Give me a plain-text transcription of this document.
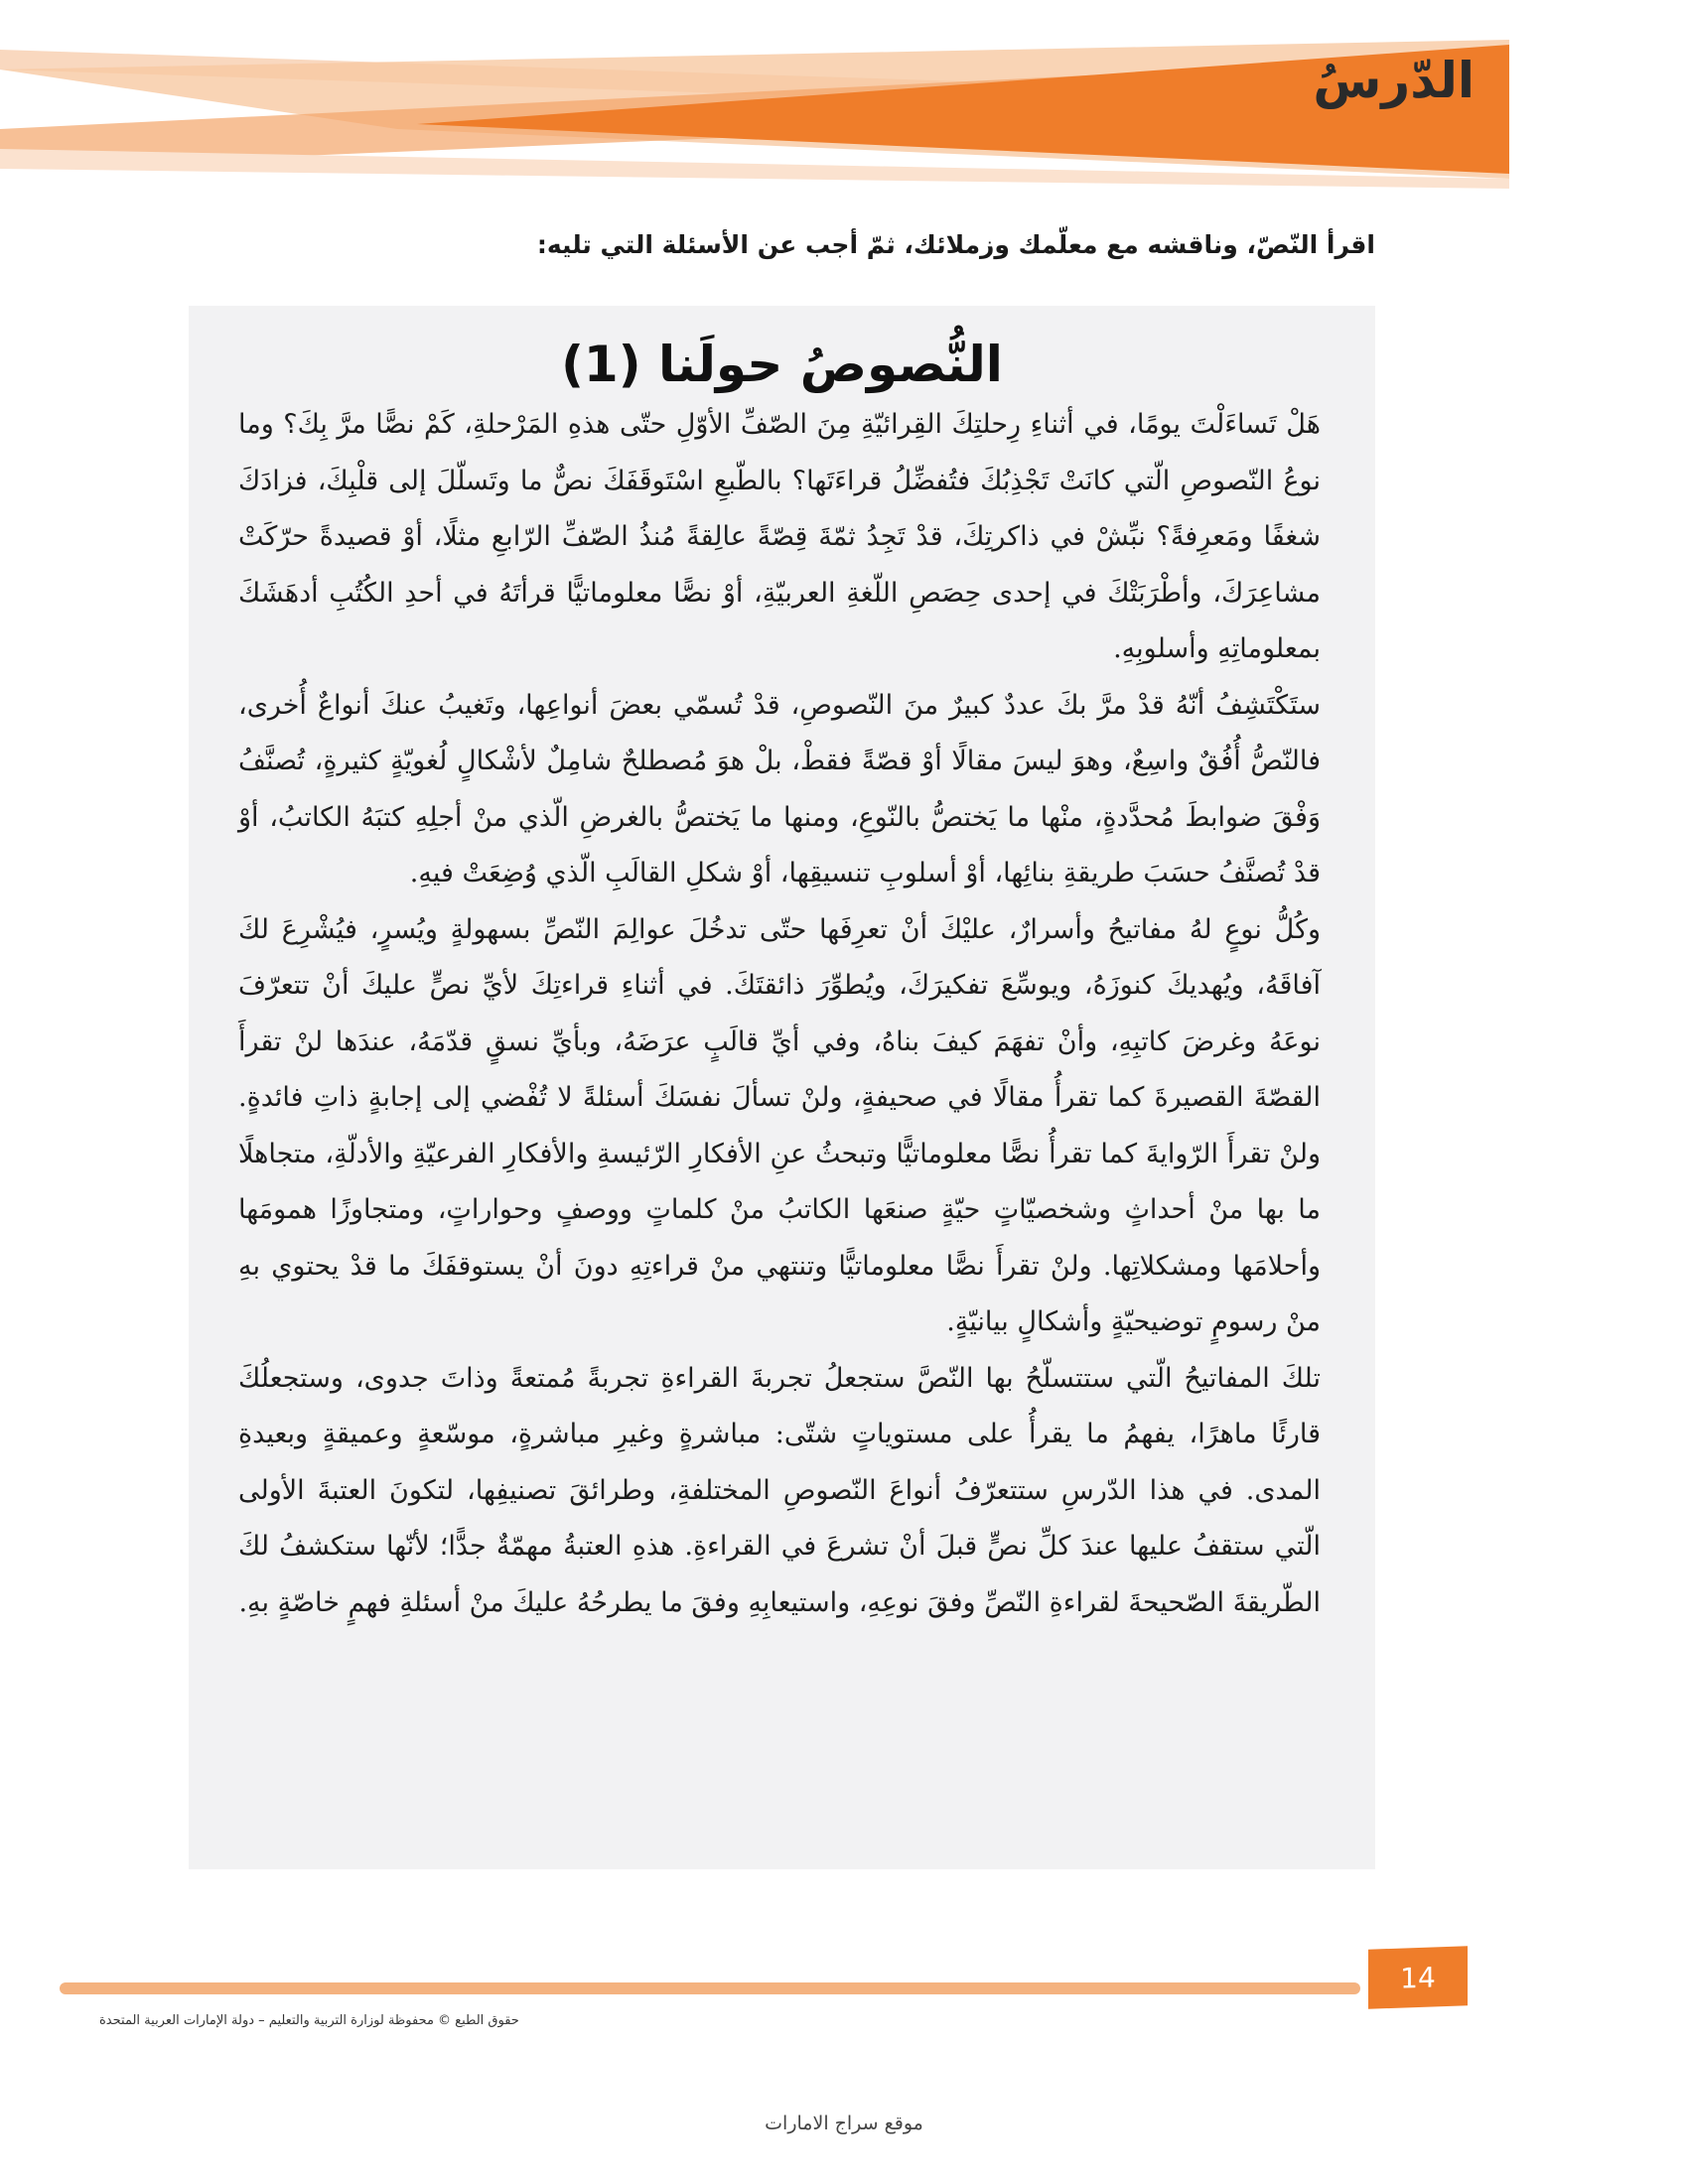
الدّرسُ
اقرأ النّصّ، وناقشه مع معلّمك وزملائك، ثمّ أجب عن الأسئلة التي تليه:
النُّصوصُ حولَنا (1)

هَلْ تَساءَلْتَ يومًا، في أثناءِ رِحلتِكَ القِرائيّةِ مِنَ الصّفِّ الأوّلِ حتّى هذهِ المَرْحلةِ، كَمْ نصًّا مرَّ بِكَ؟ وما نوعُ النّصوصِ الّتي كانَتْ تَجْذِبُكَ فتُفضِّلُ قراءَتَها؟ بالطّبعِ اسْتَوقَفَكَ نصٌّ ما وتَسلّلَ إلى قلْبِكَ، فزادَكَ شغفًا ومَعرِفةً؟ نبِّشْ في ذاكرتِكَ، قدْ تَجِدُ ثمّةَ قِصّةً عالِقةً مُنذُ الصّفِّ الرّابعِ مثلًا، أوْ قصيدةً حرّكَتْ مشاعِرَكَ، وأطْرَبَتْكَ في إحدى حِصَصِ اللّغةِ العربيّةِ، أوْ نصًّا معلوماتيًّا قرأتَهُ في أحدِ الكُتُبِ أدهَشَكَ بمعلوماتِهِ وأسلوبِهِ.

ستَكْتَشِفُ أنّهُ قدْ مرَّ بكَ عددٌ كبيرٌ منَ النّصوصِ، قدْ تُسمّي بعضَ أنواعِها، وتَغيبُ عنكَ أنواعٌ أُخرى، فالنّصُّ أُفُقٌ واسِعٌ، وهوَ ليسَ مقالًا أوْ قصّةً فقطْ، بلْ هوَ مُصطلحٌ شامِلٌ لأشْكالٍ لُغويّةٍ كثيرةٍ، تُصنَّفُ وَفْقَ ضوابطَ مُحدَّدةٍ، منْها ما يَختصُّ بالنّوعِ، ومنها ما يَختصُّ بالغرضِ الّذي منْ أجلِهِ كتبَهُ الكاتبُ، أوْ قدْ تُصنَّفُ حسَبَ طريقةِ بنائِها، أوْ أسلوبِ تنسيقِها، أوْ شكلِ القالَبِ الّذي وُضِعَتْ فيهِ.

وكُلُّ نوعٍ لهُ مفاتيحُ وأسرارٌ، عليْكَ أنْ تعرِفَها حتّى تدخُلَ عوالِمَ النّصِّ بسهولةٍ ويُسرٍ، فيُشْرِعَ لكَ آفاقَهُ، ويُهديكَ كنوزَهُ، ويوسِّعَ تفكيرَكَ، ويُطوِّرَ ذائقتَكَ. في أثناءِ قراءتِكَ لأيِّ نصٍّ عليكَ أنْ تتعرّفَ نوعَهُ وغرضَ كاتبِهِ، وأنْ تفهَمَ كيفَ بناهُ، وفي أيِّ قالَبٍ عرَضَهُ، وبأيِّ نسقٍ قدّمَهُ، عندَها لنْ تقرأَ القصّةَ القصيرةَ كما تقرأُ مقالًا في صحيفةٍ، ولنْ تسألَ نفسَكَ أسئلةً لا تُفْضي إلى إجابةٍ ذاتِ فائدةٍ. ولنْ تقرأَ الرّوايةَ كما تقرأُ نصًّا معلوماتيًّا وتبحثُ عنِ الأفكارِ الرّئيسةِ والأفكارِ الفرعيّةِ والأدلّةِ، متجاهلًا ما بها منْ أحداثٍ وشخصيّاتٍ حيّةٍ صنعَها الكاتبُ منْ كلماتٍ ووصفٍ وحواراتٍ، ومتجاوزًا همومَها وأحلامَها ومشكلاتِها. ولنْ تقرأَ نصًّا معلوماتيًّا وتنتهي منْ قراءتِهِ دونَ أنْ يستوقفَكَ ما قدْ يحتوي بهِ منْ رسومٍ توضيحيّةٍ وأشكالٍ بيانيّةٍ.

تلكَ المفاتيحُ الّتي ستتسلّحُ بها النّصَّ ستجعلُ تجربةَ القراءةِ تجربةً مُمتعةً وذاتَ جدوى، وستجعلُكَ قارئًا ماهرًا، يفهمُ ما يقرأُ على مستوياتٍ شتّى: مباشرةٍ وغيرِ مباشرةٍ، موسّعةٍ وعميقةٍ وبعيدةِ المدى. في هذا الدّرسِ ستتعرّفُ أنواعَ النّصوصِ المختلفةِ، وطرائقَ تصنيفِها، لتكونَ العتبةَ الأولى الّتي ستقفُ عليها عندَ كلِّ نصٍّ قبلَ أنْ تشرعَ في القراءةِ. هذهِ العتبةُ مهمّةٌ جدًّا؛ لأنّها ستكشفُ لكَ الطّريقةَ الصّحيحةَ لقراءةِ النّصِّ وفقَ نوعِهِ، واستيعابِهِ وفقَ ما يطرحُهُ عليكَ منْ أسئلةِ فهمٍ خاصّةٍ بهِ.

14
حقوق الطبع © محفوظة لوزارة التربية والتعليم – دولة الإمارات العربية المتحدة
موقع سراج الامارات
